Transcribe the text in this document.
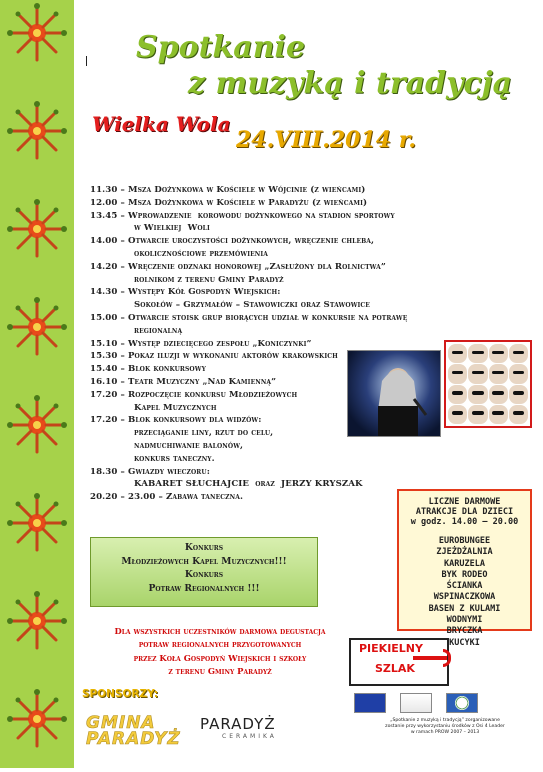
Spotkanie
z muzyką i tradycją
Wielka Wola
24.VIII.2014 r.
11.30 – Msza Dożynkowa w Kościele w Wójcinie (z wieńcami)
12.00 – Msza Dożynkowa w Kościele w Paradyżu (z wieńcami)
13.45 – Wprowadzenie  korowodu dożynkowego na stadion sportowy
w Wielkiej  Woli
14.00 – Otwarcie uroczystości dożynkowych, wręczenie chleba,
okolicznościowe przemówienia
14.20 – Wręczenie odznaki honorowej „Zasłużony dla Rolnictwa”
rolnikom z terenu Gminy Paradyż
14.30 – Występy Kół Gospodyń Wiejskich:
Sokołów – Grzymałów – Stawowiczki oraz Stawowice
15.00 – Otwarcie stoisk grup biorących udział w konkursie na potrawę
regionalną
15.10 – Występ dziecięcego zespołu „Koniczynki”
15.30 – Pokaz iluzji w wykonaniu aktorów krakowskich
15.40 – Blok konkursowy
16.10 – Teatr Muzyczny „Nad Kamienną”
17.20 – Rozpoczęcie konkursu Młodzieżowych
Kapel Muzycznych
17.20 – Blok konkursowy dla widzów:
przeciąganie liny, rzut do celu,
nadmuchiwanie balonów,
konkurs taneczny.
18.30 – Gwiazdy wieczoru:
KABARET SŁUCHAJCIE  oraz  JERZY KRYSZAK
20.20 – 23.00 – Zabawa taneczna.	LICZNE DARMOWE
ATRAKCJE DLA DZIECI
w godz. 14.00 – 20.00
EUROBUNGEE
ZJEŻDŻALNIA
KARUZELA
BYK RODEO
ŚCIANKA
WSPINACZKOWA
BASEN Z KULAMI
WODNYMI
BRYCZKA
KUCYKI
Konkurs
Młodzieżowych Kapel Muzycznych!!!
Konkurs
Potraw Regionalnych !!!
Dla wszystkich uczestników darmowa degustacja
potraw regionalnych przygotowanych
przez Koła Gospodyń Wiejskich i szkoły
z terenu Gminy Paradyż
PIEKIELNY
SZLAK
SPONSORZY:
GMINA
PARADYŻ
PARADYŻ
CERAMIKA
„Spotkanie z muzyką i tradycją” zorganizowane
zostanie przy wykorzystaniu środków z Osi 4 Leader
w ramach PROW 2007 – 2013
